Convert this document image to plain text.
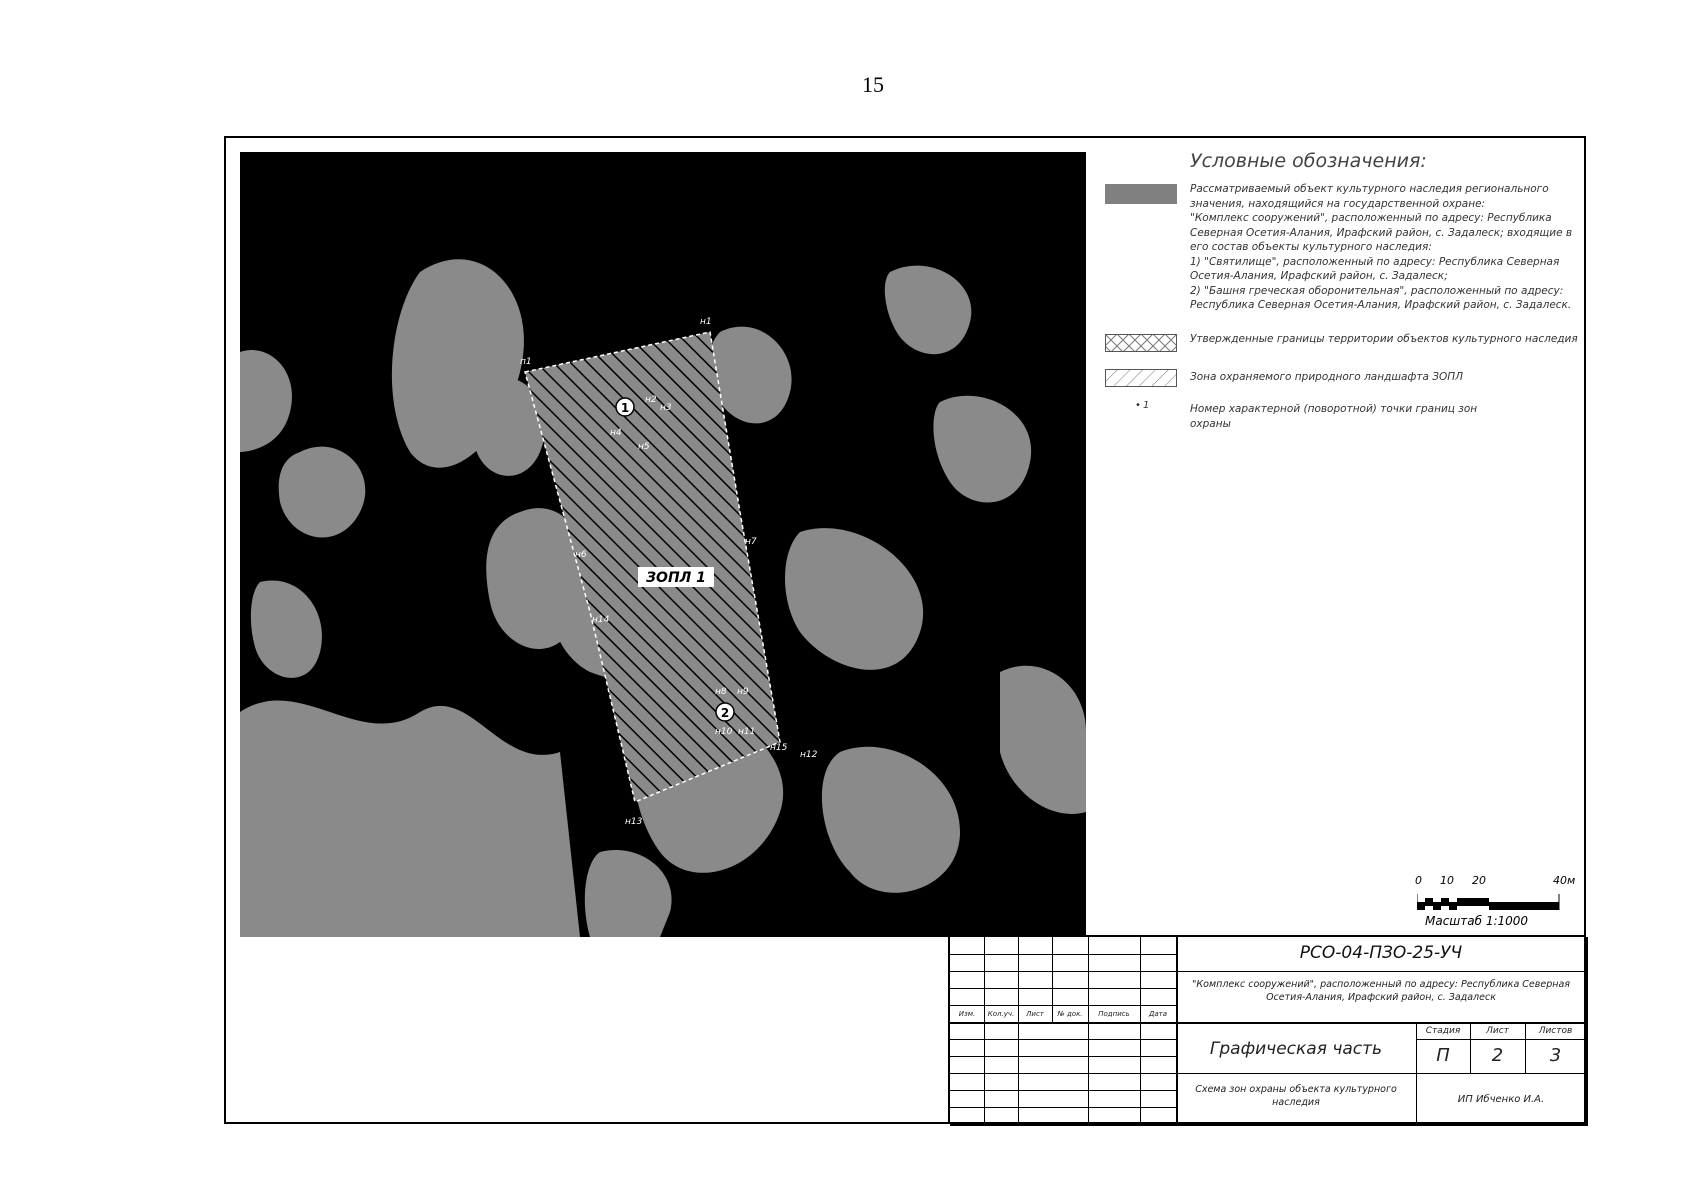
15
1
2
ЗОПЛ 1
п1
н1
н2
н3
н4
н5
н6
н7
н8 н9
н10 н11
н12
н13
н14
н15
Условные обозначения:

Рассматриваемый объект культурного наследия регионального значения, находящийся на государственной охране:

"Комплекс сооружений", расположенный по адресу: Республика Северная Осетия-Алания, Ирафский район, с. Задалеск; входящие в его состав объекты культурного наследия:

1) "Святилище", расположенный по адресу: Республика Северная Осетия-Алания, Ирафский район, с. Задалеск;

2) "Башня греческая оборонительная", расположенный по адресу: Республика Северная Осетия-Алания, Ирафский район, с. Задалеск.

Утвержденные границы территории объектов культурного наследия

Зона охраняемого природного ландшафта ЗОПЛ

• 1	Номер характерной (поворотной) точки границ зон охраны

0 10 20	40м
Масштаб 1:1000
Изм.	Кол.уч.	Лист	№ док.	Подпись	Дата
РСО-04-ПЗО-25-УЧ
"Комплекс сооружений", расположенный по адресу: Республика Северная Осетия-Алания, Ирафский район, с. Задалеск
Графическая часть
Схема зон охраны объекта культурного наследия	ИП Ибченко И.А.
Стадия	Лист	Листов
П	2	3
